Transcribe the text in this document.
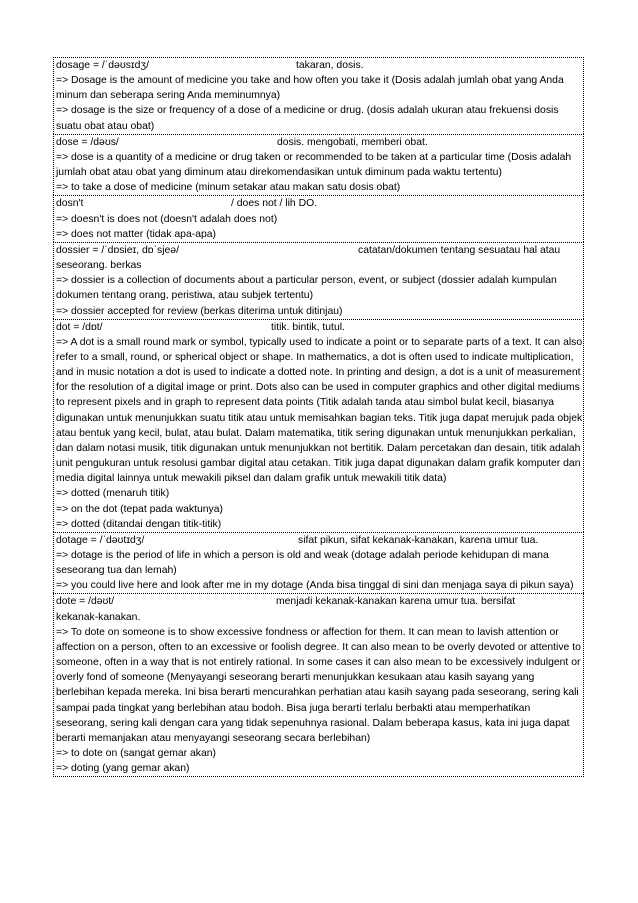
dosage = /ˈdəʊsɪdʒ/	takaran, dosis.
=> Dosage is the amount of medicine you take and how often you take it (Dosis adalah jumlah obat yang Anda minum dan seberapa sering Anda meminumnya)
=> dosage is the size or frequency of a dose of a medicine or drug. (dosis adalah ukuran atau frekuensi dosis suatu obat atau obat)
dose = /dəʊs/	dosis. mengobati, memberi obat.
=> dose is a quantity of a medicine or drug taken or recommended to be taken at a particular time (Dosis adalah jumlah obat atau obat yang diminum atau direkomendasikan untuk diminum pada waktu tertentu)
=> to take a dose of medicine (minum setakar atau makan satu dosis obat)
dosn't	/ does not / lih DO.
=> doesn't is does not (doesn't adalah does not)
=> does not matter (tidak apa-apa)
dossier = /ˈdɒsieɪ, dɒˈsjeə/	catatan/dokumen tentang sesuatau hal atau
seseorang. berkas
=> dossier is a collection of documents about a particular person, event, or subject (dossier adalah kumpulan dokumen tentang orang, peristiwa, atau subjek tertentu)
=> dossier accepted for review (berkas diterima untuk ditinjau)
dot = /dɒt/	titik. bintik, tutul.
=> A dot is a small round mark or symbol, typically used to indicate a point or to separate parts of a text. It can also refer to a small, round, or spherical object or shape. In mathematics, a dot is often used to indicate multiplication, and in music notation a dot is used to indicate a dotted note. In printing and design, a dot is a unit of measurement for the resolution of a digital image or print. Dots also can be used in computer graphics and other digital mediums to represent pixels and in graph to represent data points (Titik adalah tanda atau simbol bulat kecil, biasanya digunakan untuk menunjukkan suatu titik atau untuk memisahkan bagian teks. Titik juga dapat merujuk pada objek atau bentuk yang kecil, bulat, atau bulat. Dalam matematika, titik sering digunakan untuk menunjukkan perkalian, dan dalam notasi musik, titik digunakan untuk menunjukkan not bertitik. Dalam percetakan dan desain, titik adalah unit pengukuran untuk resolusi gambar digital atau cetakan. Titik juga dapat digunakan dalam grafik komputer dan media digital lainnya untuk mewakili piksel dan dalam grafik untuk mewakili titik data)
=> dotted (menaruh titik)
=> on the dot (tepat pada waktunya)
=> dotted (ditandai dengan titik-titik)
dotage = /ˈdəʊtɪdʒ/	sifat pikun, sifat kekanak-kanakan, karena umur tua.
=> dotage is the period of life in which a person is old and weak (dotage adalah periode kehidupan di mana seseorang tua dan lemah)
=> you could live here and look after me in my dotage (Anda bisa tinggal di sini dan menjaga saya di pikun saya)
dote = /dəʊt/	menjadi kekanak-kanakan karena umur tua. bersifat
kekanak-kanakan.
=> To dote on someone is to show excessive fondness or affection for them. It can mean to lavish attention or affection on a person, often to an excessive or foolish degree. It can also mean to be overly devoted or attentive to someone, often in a way that is not entirely rational. In some cases it can also mean to be excessively indulgent or overly fond of someone (Menyayangi seseorang berarti menunjukkan kesukaan atau kasih sayang yang berlebihan kepada mereka. Ini bisa berarti mencurahkan perhatian atau kasih sayang pada seseorang, sering kali sampai pada tingkat yang berlebihan atau bodoh. Bisa juga berarti terlalu berbakti atau memperhatikan seseorang, sering kali dengan cara yang tidak sepenuhnya rasional. Dalam beberapa kasus, kata ini juga dapat berarti memanjakan atau menyayangi seseorang secara berlebihan)
=> to dote on (sangat gemar akan)
=> doting (yang gemar akan)
